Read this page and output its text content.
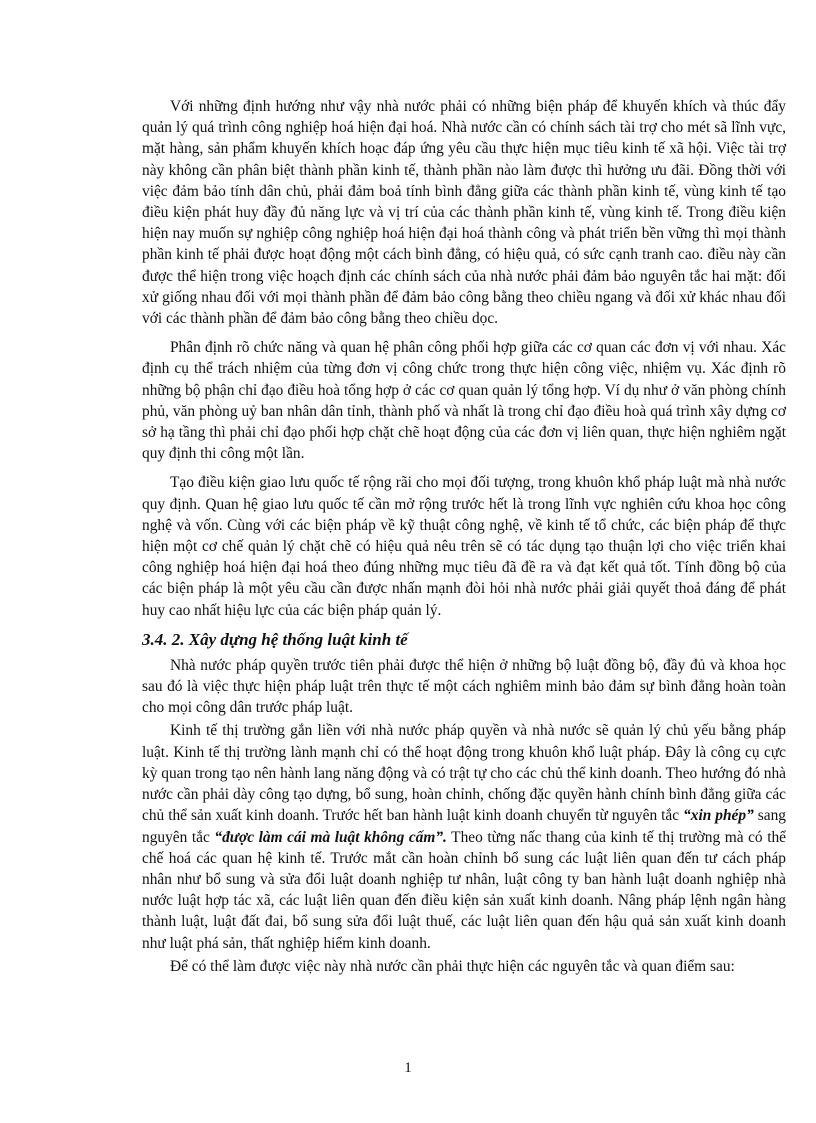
Với những định hướng như vậy nhà nước phải có những biện pháp để khuyến khích và thúc đẩy quản lý quá trình công nghiệp hoá hiện đại hoá. Nhà nước cần có chính sách tài trợ cho mét sã lĩnh vực, mặt hàng, sản phẩm khuyến khích hoạc đáp ứng yêu cầu thực hiện mục tiêu kinh tế xã hội. Việc tài trợ này không cần phân biệt thành phần kinh tế, thành phần nào làm được thì hưởng ưu đãi. Đồng thời với việc đảm bảo tính dân chủ, phải đảm boả tính bình đẳng giữa các thành phần kinh tế, vùng kinh tế tạo điều kiện phát huy đầy đủ năng lực và vị trí của các thành phần kinh tế, vùng kinh tế. Trong điều kiện hiện nay muốn sự nghiệp công nghiệp hoá hiện đại hoá thành công và phát triển bền vững thì mọi thành phần kinh tế phải được hoạt động một cách bình đẳng, có hiệu quả, có sức cạnh tranh cao. điều này cần được thể hiện trong việc hoạch định các chính sách của nhà nước phải đảm bảo nguyên tắc hai mặt: đối xử giống nhau đối với mọi thành phần để đảm bảo công bằng theo chiều ngang và đối xử khác nhau đối với các thành phần để đảm bảo công bằng theo chiều dọc.

Phân định rõ chức năng và quan hệ phân công phối hợp giữa các cơ quan các đơn vị với nhau. Xác định cụ thể trách nhiệm của từng đơn vị công chức trong thực hiện công việc, nhiệm vụ. Xác định rõ những bộ phận chỉ đạo điều hoà tổng hợp ở các cơ quan quản lý tổng hợp. Ví dụ như ở văn phòng chính phủ, văn phòng uỷ ban nhân dân tỉnh, thành phố và nhất là trong chỉ đạo điều hoà quá trình xây dựng cơ sở hạ tầng thì phải chỉ đạo phối hợp chặt chẽ hoạt động của các đơn vị liên quan, thực hiện nghiêm ngặt quy định thi công một lần.

Tạo điều kiện giao lưu quốc tế rộng rãi cho mọi đối tượng, trong khuôn khổ pháp luật mà nhà nước quy định. Quan hệ giao lưu quốc tế cần mở rộng trước hết là trong lĩnh vực nghiên cứu khoa học công nghệ và vốn. Cùng với các biện pháp về kỹ thuật công nghệ, về kinh tế tổ chức, các biện pháp để thực hiện một cơ chế quản lý chặt chẽ có hiệu quả nêu trên sẽ có tác dụng tạo thuận lợi cho việc triển khai công nghiệp hoá hiện đại hoá theo đúng những mục tiêu đã đề ra và đạt kết quả tốt. Tính đồng bộ của các biện pháp là một yêu cầu cần được nhấn mạnh đòi hỏi nhà nước phải giải quyết thoả đáng để phát huy cao nhất hiệu lực của các biện pháp quản lý.

3.4. 2. Xây dựng hệ thống luật kinh tế

Nhà nước pháp quyền trước tiên phải được thể hiện ở những bộ luật đồng bộ, đầy đủ và khoa học sau đó là việc thực hiện pháp luật trên thực tế một cách nghiêm minh bảo đảm sự bình đẳng hoàn toàn cho mọi công dân trước pháp luật.

Kinh tế thị trường gắn liền với nhà nước pháp quyền và nhà nước sẽ quản lý chủ yếu bằng pháp luật. Kinh tế thị trường lành mạnh chỉ có thể hoạt động trong khuôn khổ luật pháp. Đây là công cụ cực kỳ quan trong tạo nên hành lang năng động và có trật tự cho các chủ thể kinh doanh. Theo hướng đó nhà nước cần phải dày công tạo dựng, bổ sung, hoàn chỉnh, chống đặc quyền hành chính bình đẳng giữa các chủ thể sản xuất kinh doanh. Trước hết ban hành luật kinh doanh chuyển từ nguyên tắc “xin phép” sang nguyên tắc “được làm cái mà luật không cấm”. Theo từng nấc thang của kinh tế thị trường mà có thể chế hoá các quan hệ kinh tế. Trước mắt cần hoàn chỉnh bổ sung các luật liên quan đến tư cách pháp nhân như bổ sung và sửa đổi luật doanh nghiệp tư nhân, luật công ty ban hành luật doanh nghiệp nhà nước luật hợp tác xã, các luật liên quan đến điều kiện sản xuất kinh doanh. Nâng pháp lệnh ngân hàng thành luật, luật đất đai, bổ sung sửa đổi luật thuế, các luật liên quan đến hậu quả sản xuất kinh doanh như luật phá sản, thất nghiệp hiểm kinh doanh.

Để có thể làm được việc này nhà nước cần phải thực hiện các nguyên tắc và quan điểm sau:

1
